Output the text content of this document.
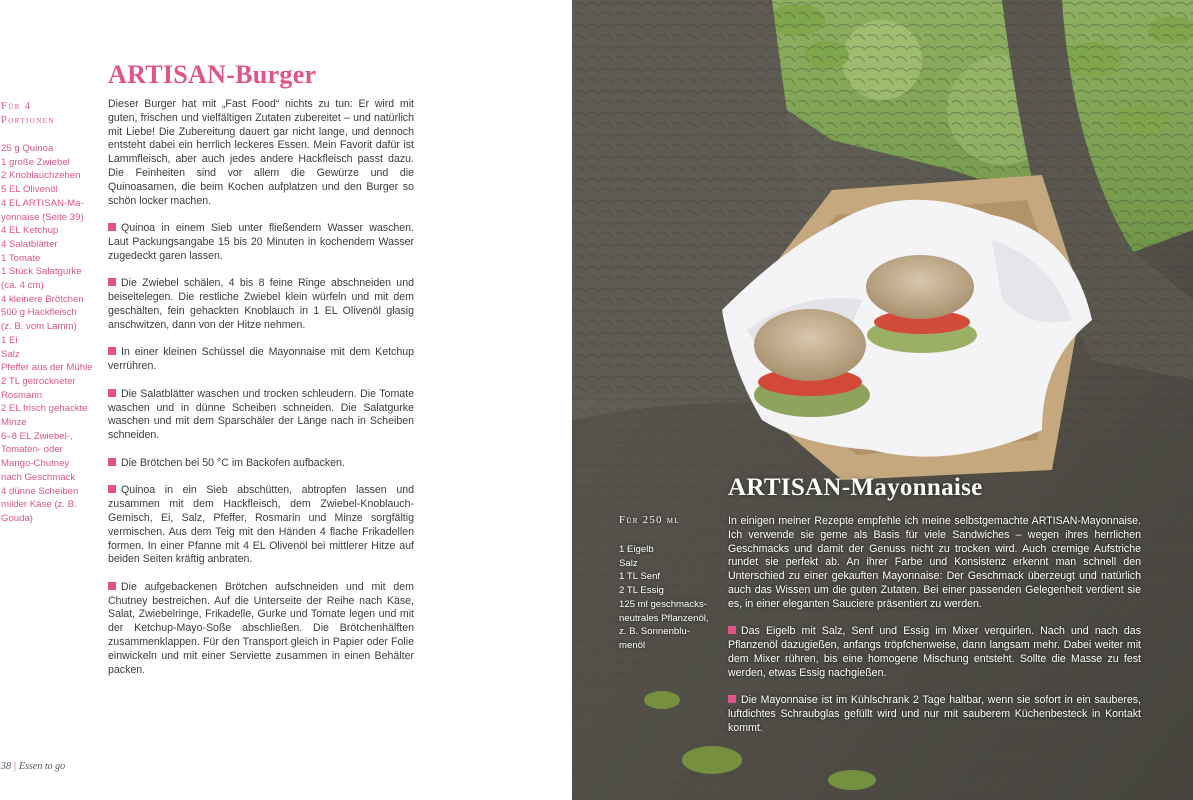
ARTISAN-Burger
Für 4
Portionen
25 g Quinoa
1 große Zwiebel
2 Knoblauchzehen
5 EL Olivenöl
4 EL ARTISAN-Ma-
yonnaise (Seite 39)
4 EL Ketchup
4 Salatblätter
1 Tomate
1 Stück Salatgurke
(ca. 4 cm)
4 kleinere Brötchen
500 g Hackfleisch
(z. B. vom Lamm)
1 Ei
Salz
Pfeffer aus der Mühle
2 TL getrockneter
Rosmarin
2 EL frisch gehackte
Minze
6–8 EL Zwiebel-,
Tomaten- oder
Mango-Chutney
nach Geschmack
4 dünne Scheiben
milder Käse (z. B.
Gouda)

Dieser Burger hat mit „Fast Food“ nichts zu tun: Er wird mit guten, frischen und vielfältigen Zutaten zubereitet – und natürlich mit Liebe! Die Zubereitung dauert gar nicht lange, und dennoch entsteht dabei ein herrlich leckeres Essen. Mein Favorit dafür ist Lammfleisch, aber auch jedes andere Hackfleisch passt dazu. Die Feinheiten sind vor allem die Gewürze und die Quinoasamen, die beim Kochen aufplatzen und den Burger so schön locker machen.

Quinoa in einem Sieb unter fließendem Wasser waschen. Laut Packungsangabe 15 bis 20 Minuten in kochendem Wasser zugedeckt garen lassen.

Die Zwiebel schälen, 4 bis 8 feine Ringe abschneiden und beiseitelegen. Die restliche Zwiebel klein würfeln und mit dem geschälten, fein gehackten Knoblauch in 1 EL Olivenöl glasig anschwitzen, dann von der Hitze nehmen.

In einer kleinen Schüssel die Mayonnaise mit dem Ketchup verrühren.

Die Salatblätter waschen und trocken schleudern. Die Tomate waschen und in dünne Scheiben schneiden. Die Salatgurke waschen und mit dem Sparschäler der Länge nach in Scheiben schneiden.

Die Brötchen bei 50 °C im Backofen aufbacken.

Quinoa in ein Sieb abschütten, abtropfen lassen und zusammen mit dem Hackfleisch, dem Zwiebel-Knoblauch-Gemisch, Ei, Salz, Pfeffer, Rosmarin und Minze sorgfältig vermischen. Aus dem Teig mit den Händen 4 flache Frikadellen formen. In einer Pfanne mit 4 EL Olivenöl bei mittlerer Hitze auf beiden Seiten kräftig anbraten.

Die aufgebackenen Brötchen aufschneiden und mit dem Chutney bestreichen. Auf die Unterseite der Reihe nach Käse, Salat, Zwiebelringe, Frikadelle, Gurke und Tomate legen und mit der Ketchup-Mayo-Soße abschließen. Die Brötchenhälften zusammenklappen. Für den Transport gleich in Papier oder Folie einwickeln und mit einer Serviette zusammen in einen Behälter packen.

38 | Essen to go
ARTISAN-Mayonnaise
Für 250 ml
1 Eigelb
Salz
1 TL Senf
2 TL Essig
125 ml geschmacks-
neutrales Pflanzenöl,
z. B. Sonnenblu-
menöl

In einigen meiner Rezepte empfehle ich meine selbstgemachte ARTISAN-Mayonnaise. Ich verwende sie gerne als Basis für viele Sandwiches – wegen ihres herrlichen Geschmacks und damit der Genuss nicht zu trocken wird. Auch cremige Aufstriche rundet sie perfekt ab. An ihrer Farbe und Konsistenz erkennt man schnell den Unterschied zu einer gekauften Mayonnaise: Der Geschmack überzeugt und natürlich auch das Wissen um die guten Zutaten. Bei einer passenden Gelegenheit verdient sie es, in einer eleganten Sauciere präsentiert zu werden.

Das Eigelb mit Salz, Senf und Essig im Mixer verquirlen. Nach und nach das Pflanzenöl dazugießen, anfangs tröpfchenweise, dann langsam mehr. Dabei weiter mit dem Mixer rühren, bis eine homogene Mischung entsteht. Sollte die Masse zu fest werden, etwas Essig nachgießen.

Die Mayonnaise ist im Kühlschrank 2 Tage haltbar, wenn sie sofort in ein sauberes, luftdichtes Schraubglas gefüllt wird und nur mit sauberem Küchenbesteck in Kontakt kommt.
